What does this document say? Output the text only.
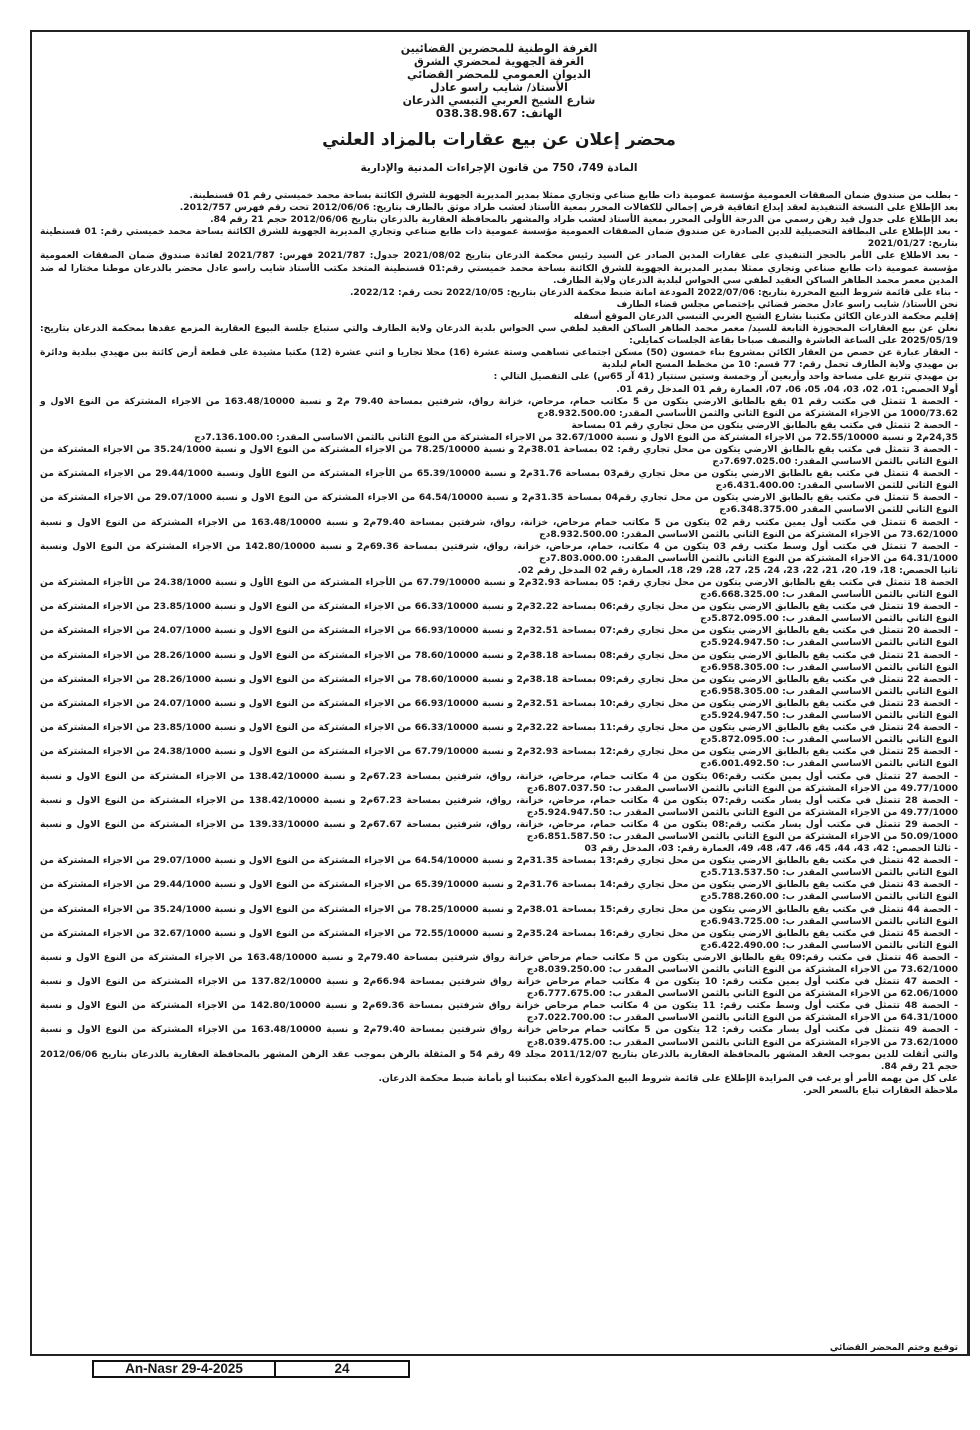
الغرفة الوطنية للمحضرين القضائيين
الغرفة الجهوية لمحضري الشرق
الديوان العمومي للمحضر القضائي
الأستاذ/ شايب راسو عادل
شارع الشيخ العربي التبسي الذرعان
الهاتف: 038.38.98.67
محضر إعلان عن بيع عقارات بالمزاد العلني
المادة 749، 750 من قانون الإجراءات المدنية والإدارية

- بطلب من صندوق ضمان الصفقات العمومية مؤسسة عمومية ذات طابع صناعي وتجاري ممثلا بمدير المديرية الجهوية للشرق الكائنة بساحة محمد خميستي رقم 01 قسنطينة.

بعد الإطلاع على النسخة التنفيذية لعقد إيداع اتفاقية قرض إجمالي للكفالات المحرر بمعية الأستاذ لعشب طراد موثق بالطارف بتاريخ: 2012/06/06 تحت رقم فهرس 2012/757.

بعد الإطلاع على جدول قيد رهن رسمي من الدرجة الأولى المحرر بمعية الأستاذ لعشب طراد والمشهر بالمحافظة العقارية بالذرعان بتاريخ 2012/06/06 حجم 21 رقم 84.

- بعد الإطلاع على البطاقة التحصيلية للدين الصادرة عن صندوق ضمان الصفقات العمومية مؤسسة عمومية ذات طابع صناعي وتجاري المديرية الجهوية للشرق الكائنة بساحة محمد خميستي رقم: 01 قسنطينة بتاريخ: 2021/01/27

- بعد الاطلاع على الأمر بالحجز التنفيذي على عقارات المدين الصادر عن السيد رئيس محكمة الذرعان بتاريخ 2021/08/02 جدول: 2021/787 فهرس: 2021/787 لفائدة صندوق ضمان الصفقات العمومية مؤسسة عمومية ذات طابع صناعي وتجاري ممثلا بمدير المديرية الجهوية للشرق الكائنة بساحة محمد خميستي رقم:01 قسنطينة المتخذ مكتب الأستاذ شايب راسو عادل محضر بالذرعان موطنا مختارا له ضد المدين معمر محمد الطاهر الساكن العقيد لطفي سي الحواس لبلدية الذرعان ولاية الطارف.

- بناء على قائمة شروط البيع المحررة بتاريخ: 2022/07/06 المودعة امانة ضبط محكمة الذرعان بتاريخ: 2022/10/05 تحت رقم: 2022/12.

نحن الأستاذ/ شايب راسو عادل محضر قضائي بإختصاص مجلس قضاء الطارف

إقليم محكمة الذرعان الكائن مكتبنا بشارع الشيخ العربي التبسي الذرعان الموقع أسفله

نعلن عن بيع العقارات المحجوزة التابعة للسيد/ معمر محمد الطاهر الساكن العقيد لطفي سي الحواس بلدية الذرعان ولاية الطارف والتي ستباع جلسة البيوع العقارية المزمع عقدها بمحكمة الذرعان بتاريخ: 2025/05/19 على الساعة العاشرة والنصف صباحا بقاعة الجلسات كمايلي:

- العقار عبارة عن حصص من العقار الكائن بمشروع بناء خمسون (50) مسكن اجتماعي تساهمي وستة عشرة (16) محلا تجاريا و اثني عشرة (12) مكتبا مشيدة على قطعة أرض كائنة ببن مهيدي ببلدية ودائرة بن مهيدي ولاية الطارف تحمل رقم: 77 قسم: 10 من مخطط المسح العام لبلدية

بن مهيدي تتربع على مساحة واحد وأربعين آر وخمسة وستين سنتيار (41 آر 65س) على التفصيل التالي :

أولا الحصص: 01، 02، 03، 04، 05، 06، 07، العمارة رقم 01 المدخل رقم 01.

- الحصة 1 تتمثل في مكتب رقم 01 يقع بالطابق الارضي يتكون من 5 مكاتب حمام، مرحاض، خزانة رواق، شرفتين بمساحة 79.40 م2 و نسبة 163.48/10000 من الاجزاء المشتركة من النوع الاول و 1000/73.62 من الاجزاء المشتركة من النوع الثاني والثمن الأساسي المقدر: 8.932.500.00دج

- الحصة 2 تتمثل في مكتب يقع بالطابق الارضي يتكون من محل تجاري رقم 01 بمساحة

24,35م2 و نسبة 72.55/10000 من الاجزاء المشتركة من النوع الاول و نسبة 32.67/1000 من الاجزاء المشتركة من النوع الثاني بالثمن الاساسي المقدر: 7.136.100.00دج

- الحصة 3 تتمثل في مكتب يقع بالطابق الارضي يتكون من محل تجاري رقم: 02 بمساحة 38.01م2 و نسبة 78.25/10000 من الاجزاء المشتركة من النوع الاول و نسبة 35.24/1000 من الاجزاء المشتركة من النوع الثاني بالثمن الاساسي المقدر: 7.697.025.00دج

- الحصة 4 تتمثل في مكتب يقع بالطابق الارضي يتكون من محل تجاري رقم03 بمساحة 31.76م2 و نسبة 65.39/10000 من الأجزاء المشتركة من النوع الأول ونسبة 29.44/1000 من الاجزاء المشتركة من النوع الثاني للثمن الاساسي المقدر: 6.431.400.00دج

- الحصة 5 تتمثل في مكتب يقع بالطابق الارضي يتكون من محل تجاري رقم04 بمساحة 31.35م2 و نسبة 64.54/10000 من الاجزاء المشتركة من النوع الاول و نسبة 29.07/1000 من الاجزاء المشتركة من النوع الثاني للثمن الاساسي المقدر 6.348.375.00دج

- الحصة 6 تتمثل في مكتب أول يمين مكتب رقم 02 يتكون من 5 مكاتب حمام مرحاض، خزانة، رواق، شرفتين بمساحة 79.40م2 و نسبة 163.48/10000 من الاجزاء المشتركة من النوع الاول و نسبة 73.62/1000 من الاجزاء المشتركة من النوع الثاني بالثمن الاساسي المقدر: 8.932.500.00دج

- الحصة 7 تتمثل في مكتب أول وسط مكتب رقم 03 يتكون من 4 مكاتب، حمام، مرحاض، خزانة، رواق، شرفتين بمساحة 69.36م2 و نسبة 142.80/10000 من الاجزاء المشتركة من النوع الاول ونسبة 64.31/1000 من الاجزاء المشتركة من النوع الثاني بالثمن الأساسي المقدر: 7.803.000.00دج

ثانيا الحصص: 18، 19، 20، 21، 22، 23، 24، 25، 27، 28، 29، 18، العمارة رقم 02 المدخل رقم 02.

الحصة 18 تتمثل في مكتب يقع بالطابق الارضي يتكون من محل تجاري رقم: 05 بمساحة 32.93م2 و نسبة 67.79/10000 من الأجزاء المشتركة من النوع الأول و نسبة 24.38/1000 من الأجزاء المشتركة من النوع الثاني بالثمن الأساسي المقدر ب: 6.668.325.00دج

- الحصة 19 تتمثل في مكتب يقع بالطابق الارضي يتكون من محل تجاري رقم:06 بمساحة 32.22م2 و نسبة 66.33/10000 من الاجزاء المشتركة من النوع الاول و نسبة 23.85/1000 من الاجزاء المشتركة من النوع الثاني بالثمن الاساسي المقدر ب: 5.872.095.00دج

- الحصة 20 تتمثل في مكتب يقع بالطابق الارضي يتكون من محل تجاري رقم:07 بمساحة 32.51م2 و نسبة 66.93/10000 من الاجزاء المشتركة من النوع الاول و نسبة 24.07/1000 من الاجزاء المشتركة من النوع الثاني بالثمن الاساسي المقدر ب: 5.924.947.50دج

- الحصة 21 تتمثل في مكتب يقع بالطابق الارضي يتكون من محل تجاري رقم:08 بمساحة 38.18م2 و نسبة 78.60/10000 من الاجزاء المشتركة من النوع الاول و نسبة 28.26/1000 من الاجزاء المشتركة من النوع الثاني بالثمن الاساسي المقدر ب: 6.958.305.00دج

- الحصة 22 تتمثل في مكتب يقع بالطابق الارضي يتكون من محل تجاري رقم:09 بمساحة 38.18م2 و نسبة 78.60/10000 من الاجزاء المشتركة من النوع الاول و نسبة 28.26/1000 من الاجزاء المشتركة من النوع الثاني بالثمن الاساسي المقدر ب: 6.958.305.00دج

- الحصة 23 تتمثل في مكتب يقع بالطابق الارضي يتكون من محل تجاري رقم:10 بمساحة 32.51م2 و نسبة 66.93/10000 من الاجزاء المشتركة من النوع الاول و نسبة 24.07/1000 من الاجزاء المشتركة من النوع الثاني بالثمن الاساسي المقدر ب: 5.924.947.50دج

- الحصة 24 تتمثل في مكتب يقع بالطابق الارضي يتكون من محل تجاري رقم:11 بمساحة 32.22م2 و نسبة 66.33/10000 من الاجزاء المشتركة من النوع الاول و نسبة 23.85/1000 من الاجزاء المشتركة من النوع الثاني بالثمن الاساسي المقدر ب: 5.872.095.00دج

- الحصة 25 تتمثل في مكتب يقع بالطابق الارضي يتكون من محل تجاري رقم:12 بمساحة 32.93م2 و نسبة 67.79/10000 من الاجزاء المشتركة من النوع الاول و نسبة 24.38/1000 من الاجزاء المشتركة من النوع الثاني بالثمن الاساسي المقدر ب: 6.001.492.50دج

- الحصة 27 تتمثل في مكتب أول يمين مكتب رقم:06 يتكون من 4 مكاتب حمام، مرحاض، خزانة، رواق، شرفتين بمساحة 67.23م2 و نسبة 138.42/10000 من الاجزاء المشتركة من النوع الاول و نسبة 49.77/1000 من الاجزاء المشتركة من النوع الثاني بالثمن الاساسي المقدر ب: 6.807.037.50دج

- الحصة 28 تتمثل في مكتب أول يسار مكتب رقم:07 يتكون من 4 مكاتب حمام، مرحاض، خزانة، رواق، شرفتين بمساحة 67.23م2 و نسبة 138.42/10000 من الاجزاء المشتركة من النوع الاول و نسبة 49.77/1000 من الاجزاء المشتركة من النوع الثاني بالثمن الاساسي المقدر ب: 5.924.947.50دج

- الحصة 29 تتمثل في مكتب أول يسار مكتب رقم:08 يتكون من 4 مكاتب حمام، مرحاض، خزانة، رواق، شرفتين بمساحة 67.67م2 و نسبة 139.33/10000 من الاجزاء المشتركة من النوع الاول و نسبة 50.09/1000 من الاجزاء المشتركة من النوع الثاني بالثمن الاساسي المقدر ب: 6.851.587.50دج

- ثالثا الحصص: 42، 43، 44، 45، 46، 47، 48، 49، العمارة رقم: 03، المدخل رقم 03

- الحصة 42 تتمثل في مكتب يقع بالطابق الارضي يتكون من محل تجاري رقم:13 بمساحة 31.35م2 و نسبة 64.54/10000 من الاجزاء المشتركة من النوع الاول و نسبة 29.07/1000 من الاجزاء المشتركة من النوع الثاني بالثمن الاساسي المقدر ب: 5.713.537.50دج

- الحصة 43 تتمثل في مكتب يقع بالطابق الارضي يتكون من محل تجاري رقم:14 بمساحة 31.76م2 و نسبة 65.39/10000 من الاجزاء المشتركة من النوع الاول و نسبة 29.44/1000 من الاجزاء المشتركة من النوع الثاني بالثمن الاساسي المقدر ب: 5.788.260.00دج

- الحصة 44 تتمثل في مكتب يقع بالطابق الارضي يتكون من محل تجاري رقم:15 بمساحة 38.01م2 و نسبة 78.25/10000 من الاجزاء المشتركة من النوع الاول و نسبة 35.24/1000 من الاجزاء المشتركة من النوع الثاني بالثمن الاساسي المقدر ب: 6.943.725.00دج

- الحصة 45 تتمثل في مكتب يقع بالطابق الارضي يتكون من محل تجاري رقم:16 بمساحة 35.24م2 و نسبة 72.55/10000 من الاجزاء المشتركة من النوع الاول و نسبة 32.67/1000 من الاجزاء المشتركة من النوع الثاني بالثمن الاساسي المقدر ب: 6.422.490.00دج

- الحصة 46 تتمثل في مكتب رقم:09 يقع بالطابق الارضي يتكون من 5 مكاتب حمام مرحاض خزانة رواق شرفتين بمساحة 79.40م2 و نسبة 163.48/10000 من الاجزاء المشتركة من النوع الاول و نسبة 73.62/1000 من الاجزاء المشتركة من النوع الثاني بالثمن الاساسي المقدر ب: 8.039.250.00دج

- الحصة 47 تتمثل في مكتب أول يمين مكتب رقم: 10 يتكون من 4 مكاتب حمام مرحاض خزانة رواق شرفتين بمساحة 66.94م2 و نسبة 137.82/10000 من الاجزاء المشتركة من النوع الاول و نسبة 62.06/1000 من الاجزاء المشتركة من النوع الثاني بالثمن الاساسي المقدر ب: 6.777.675.00دج

- الحصة 48 تتمثل في مكتب أول وسط مكتب رقم: 11 يتكون من 4 مكاتب حمام مرحاض خزانة رواق شرفتين بمساحة 69.36م2 و نسبة 142.80/10000 من الاجزاء المشتركة من النوع الاول و نسبة 64.31/1000 من الاجزاء المشتركة من النوع الثاني بالثمن الاساسي المقدر ب: 7.022.700.00دج

- الحصة 49 تتمثل في مكتب أول يسار مكتب رقم: 12 يتكون من 5 مكاتب حمام مرحاض خزانة رواق شرفتين بمساحة 79.40م2 و نسبة 163.48/10000 من الاجزاء المشتركة من النوع الاول و نسبة 73.62/1000 من الاجزاء المشتركة من النوع الثاني بالثمن الاساسي المقدر ب: 8.039.475.00دج

والتي أثقلت للدين بموجب العقد المشهر بالمحافظة العقارية بالذرعان بتاريخ 2011/12/07 مجلد 49 رقم 54 و المثقلة بالرهن بموجب عقد الرهن المشهر بالمحافظة العقارية بالذرعان بتاريخ 2012/06/06 حجم 21 رقم 84.

على كل من يهمه الأمر أو يرغب في المزايدة الإطلاع على قائمة شروط البيع المذكورة أعلاه بمكتبنا أو بأمانة ضبط محكمة الذرعان.

ملاحظة العقارات تباع بالسعر الحر.

توقيع وختم المحضر القضائي
An-Nasr 29-4-2025	24
